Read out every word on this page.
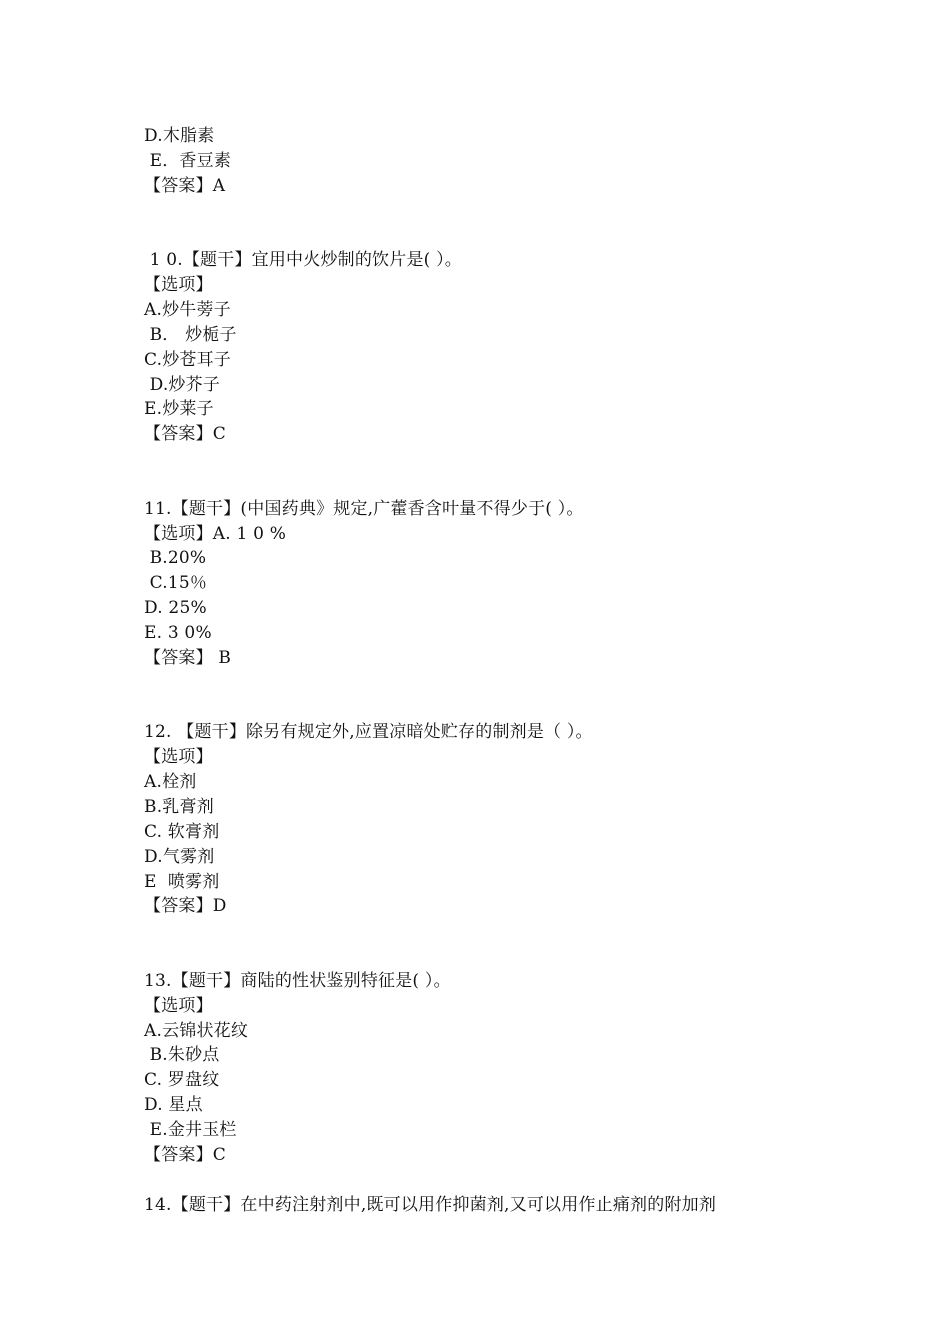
D.木脂素
E．香豆素
【答案】A
1 0.【题干】宜用中火炒制的饮片是( ）。
【选项】
A.炒牛蒡子
B． 炒栀子
C.炒苍耳子
D.炒芥子
E.炒莱子
【答案】C
11.【题干】(中国药典》规定,广藿香含叶量不得少于( ）。
【选项】A. 1 0 %
B.20%
C.15％
D. 25%
E. 3 0%
【答案】 B
12. 【题干】除另有规定外,应置凉暗处贮存的制剂是（ ）。
【选项】
A.栓剂
B.乳膏剂
C. 软膏剂
D.气雾剂
E  喷雾剂
【答案】D
13.【题干】商陆的性状鉴别特征是( ）。
【选项】
A.云锦状花纹
B.朱砂点
C. 罗盘纹
D. 星点
E.金井玉栏
【答案】C
14.【题干】在中药注射剂中,既可以用作抑菌剂,又可以用作止痛剂的附加剂
